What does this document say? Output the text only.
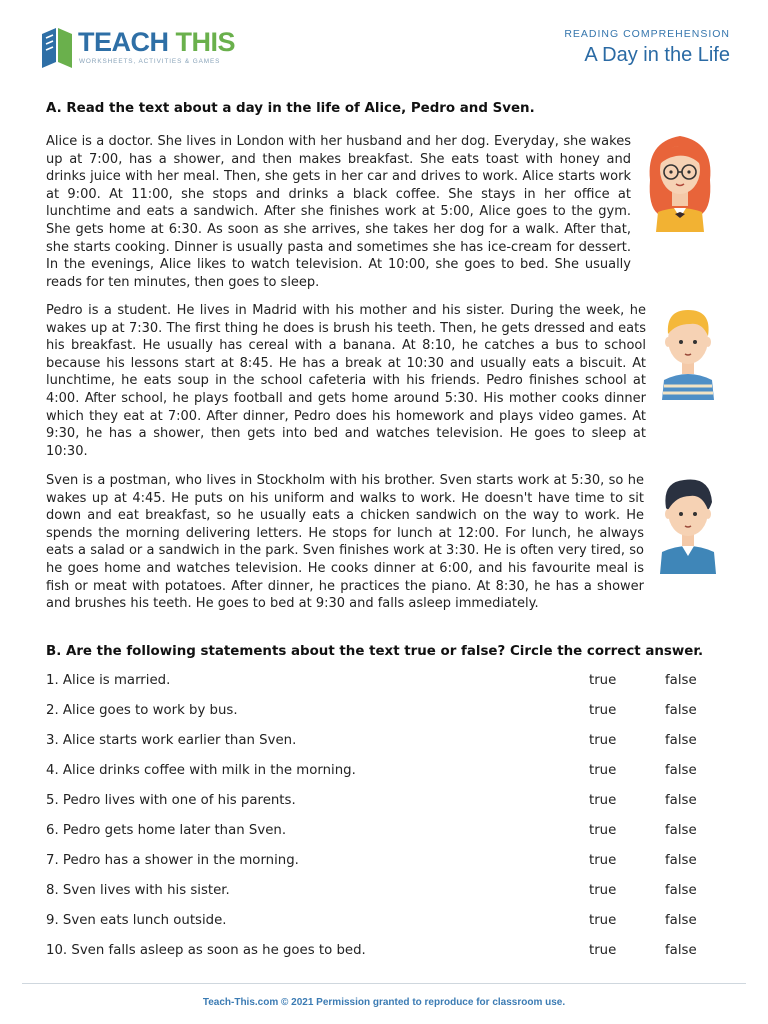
TEACH THIS
WORKSHEETS, ACTIVITIES & GAMES
READING COMPREHENSION
A Day in the Life
A. Read the text about a day in the life of Alice, Pedro and Sven.

Alice is a doctor. She lives in London with her husband and her dog. Everyday, she wakes up at 7:00, has a shower, and then makes breakfast. She eats toast with honey and drinks juice with her meal. Then, she gets in her car and drives to work. Alice starts work at 9:00. At 11:00, she stops and drinks a black coffee. She stays in her office at lunchtime and eats a sandwich. After she finishes work at 5:00, Alice goes to the gym. She gets home at 6:30. As soon as she arrives, she takes her dog for a walk. After that, she starts cooking. Dinner is usually pasta and sometimes she has ice-cream for dessert. In the evenings, Alice likes to watch television. At 10:00, she goes to bed. She usually reads for ten minutes, then goes to sleep.

Pedro is a student. He lives in Madrid with his mother and his sister. During the week, he wakes up at 7:30. The first thing he does is brush his teeth. Then, he gets dressed and eats his breakfast. He usually has cereal with a banana. At 8:10, he catches a bus to school because his lessons start at 8:45. He has a break at 10:30 and usually eats a biscuit. At lunchtime, he eats soup in the school cafeteria with his friends. Pedro finishes school at 4:00. After school, he plays football and gets home around 5:30. His mother cooks dinner which they eat at 7:00. After dinner, Pedro does his homework and plays video games. At 9:30, he has a shower, then gets into bed and watches television. He goes to sleep at 10:30.

Sven is a postman, who lives in Stockholm with his brother. Sven starts work at 5:30, so he wakes up at 4:45. He puts on his uniform and walks to work. He doesn't have time to sit down and eat breakfast, so he usually eats a chicken sandwich on the way to work. He spends the morning delivering letters. He stops for lunch at 12:00. For lunch, he always eats a salad or a sandwich in the park. Sven finishes work at 3:30. He is often very tired, so he goes home and watches television. He cooks dinner at 6:00, and his favourite meal is fish or meat with potatoes. After dinner, he practices the piano. At 8:30, he has a shower and brushes his teeth. He goes to bed at 9:30 and falls asleep immediately.

B. Are the following statements about the text true or false? Circle the correct answer.
1. Alice is married.	true	false
2. Alice goes to work by bus.	true	false
3. Alice starts work earlier than Sven.	true	false
4. Alice drinks coffee with milk in the morning.	true	false
5. Pedro lives with one of his parents.	true	false
6. Pedro gets home later than Sven.	true	false
7. Pedro has a shower in the morning.	true	false
8. Sven lives with his sister.	true	false
9. Sven eats lunch outside.	true	false
10. Sven falls asleep as soon as he goes to bed.	true	false
Teach-This.com © 2021 Permission granted to reproduce for classroom use.
